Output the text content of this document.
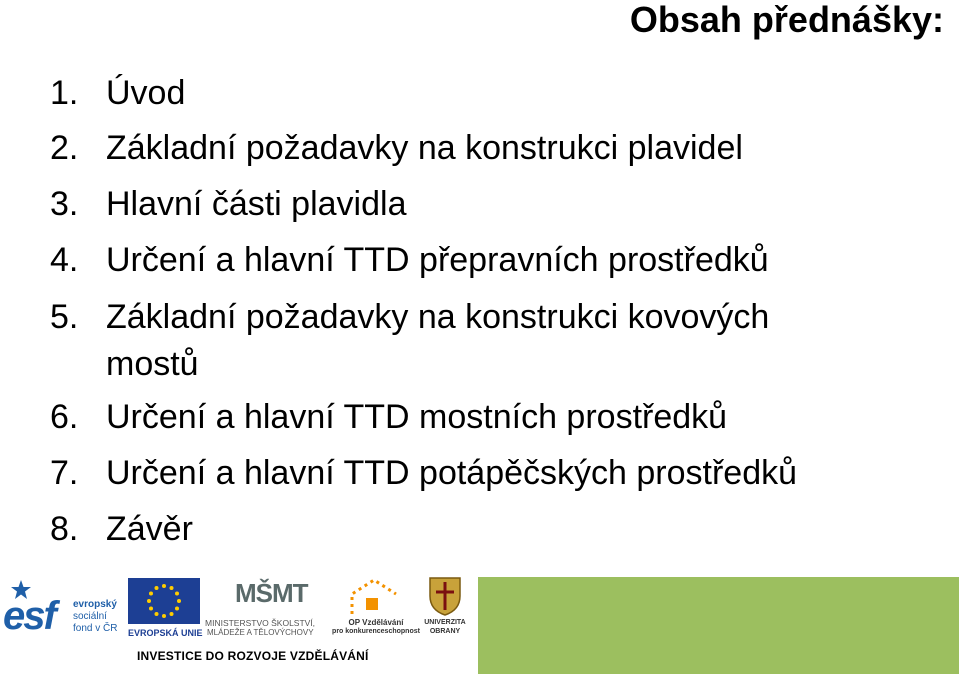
Obsah přednášky:
1. Úvod
2. Základní požadavky na konstrukci plavidel
3. Hlavní části plavidla
4. Určení a hlavní TTD přepravních prostředků
5. Základní požadavky na konstrukci kovových
mostů
6. Určení a hlavní TTD mostních prostředků
7. Určení a hlavní TTD potápěčských prostředků
8. Závěr
esf evropský
sociální
fond v ČR EVROPSKÁ UNIE
MŠMT
MINISTERSTVO ŠKOLSTVÍ,
MLÁDEŽE A TĚLOVÝCHOVY
OP Vzdělávání
pro konkurenceschopnost
UNIVERZITA
OBRANY
INVESTICE DO ROZVOJE VZDĚLÁVÁNÍ
